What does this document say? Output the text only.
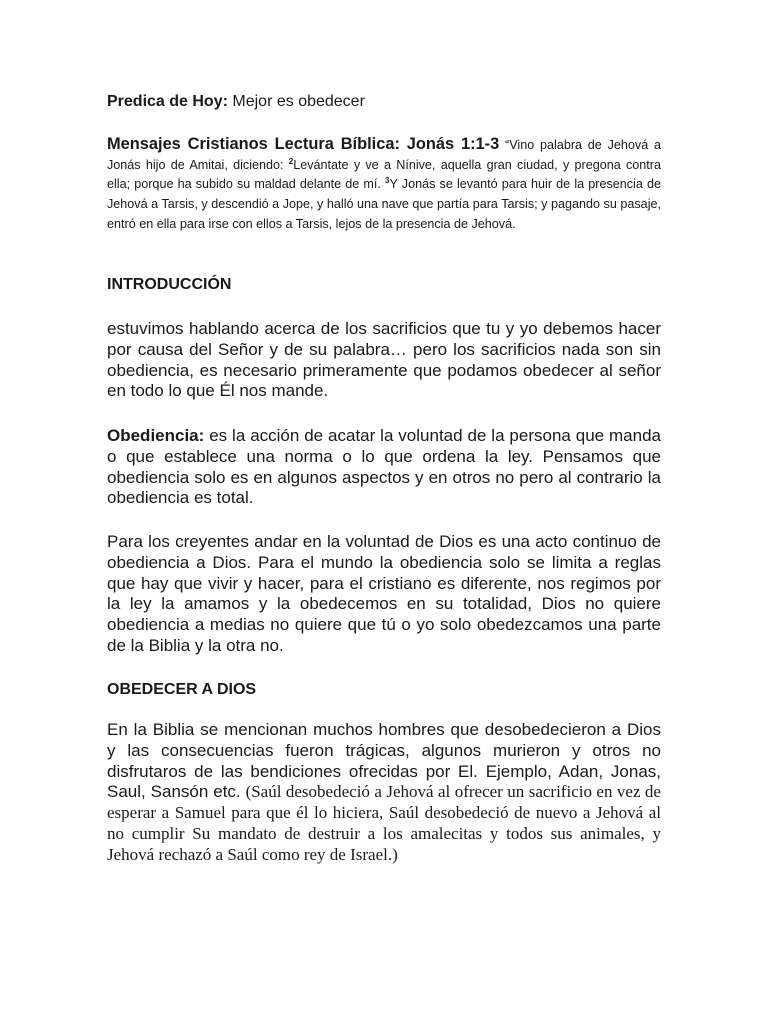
Predica de Hoy: Mejor es obedecer
Mensajes Cristianos Lectura Bíblica: Jonás 1:1-3 “Vino palabra de Jehová a Jonás hijo de Amitai, diciendo: $^2$Levántate y ve a Nínive, aquella gran ciudad, y pregona contra ella; porque ha subido su maldad delante de mí. $^3$Y Jonás se levantó para huir de la presencia de Jehová a Tarsis, y descendió a Jope, y halló una nave que partía para Tarsis; y pagando su pasaje, entró en ella para irse con ellos a Tarsis, lejos de la presencia de Jehová.
INTRODUCCIÓN
estuvimos hablando acerca de los sacrificios que tu y yo debemos hacer por causa del Señor y de su palabra… pero los sacrificios nada son sin obediencia, es necesario primeramente que podamos obedecer al señor en todo lo que Él nos mande.
Obediencia: es la acción de acatar la voluntad de la persona que manda o que establece una norma o lo que ordena la ley. Pensamos que obediencia solo es en algunos aspectos y en otros no pero al contrario la obediencia es total.
Para los creyentes andar en la voluntad de Dios es una acto continuo de obediencia a Dios. Para el mundo la obediencia solo se limita a reglas que hay que vivir y hacer, para el cristiano es diferente, nos regimos por la ley la amamos y la obedecemos en su totalidad, Dios no quiere obediencia a medias no quiere que tú o yo solo obedezcamos una parte de la Biblia y la otra no.
OBEDECER A DIOS
En la Biblia se mencionan muchos hombres que desobedecieron a Dios y las consecuencias fueron trágicas, algunos murieron y otros no disfrutaros de las bendiciones ofrecidas por El. Ejemplo, Adan, Jonas, Saul, Sansón etc. (Saúl desobedeció a Jehová al ofrecer un sacrificio en vez de esperar a Samuel para que él lo hiciera, Saúl desobedeció de nuevo a Jehová al no cumplir Su mandato de destruir a los amalecitas y todos sus animales, y Jehová rechazó a Saúl como rey de Israel.)
